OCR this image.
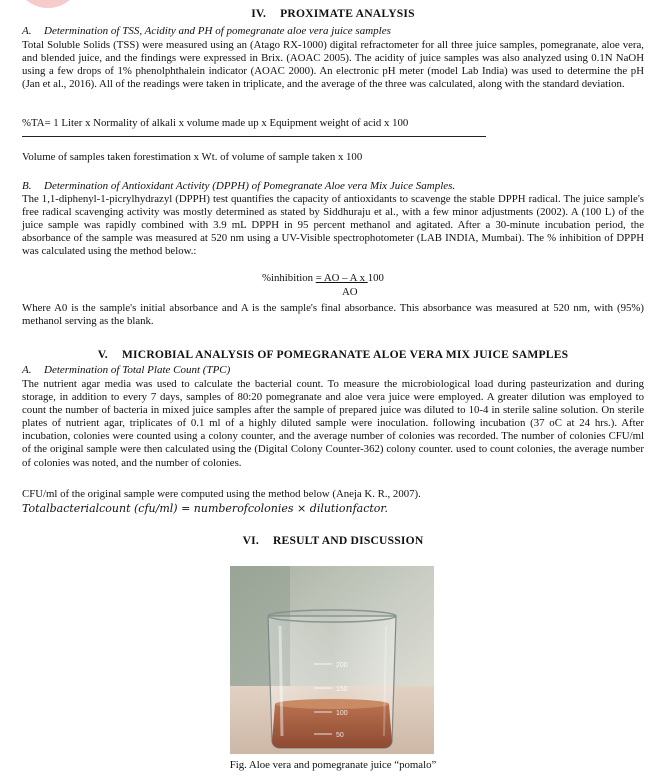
IV. PROXIMATE ANALYSIS
A. Determination of TSS, Acidity and PH of pomegranate aloe vera juice samples

Total Soluble Solids (TSS) were measured using an (Atago RX-1000) digital refractometer for all three juice samples, pomegranate, aloe vera, and blended juice, and the findings were expressed in Brix. (AOAC 2005). The acidity of juice samples was also analyzed using 0.1N NaOH using a few drops of 1% phenolphthalein indicator (AOAC 2000). An electronic pH meter (model Lab India) was used to determine the pH (Jan et al., 2016). All of the readings were taken in triplicate, and the average of the three was calculated, along with the standard deviation.

%TA= 1 Liter x Normality of alkali x volume made up x Equipment weight of acid x 100
Volume of samples taken forestimation x Wt. of volume of sample taken x 100
B. Determination of Antioxidant Activity (DPPH) of Pomegranate Aloe vera Mix Juice Samples.

The 1,1-diphenyl-1-picrylhydrazyl (DPPH) test quantifies the capacity of antioxidants to scavenge the stable DPPH radical. The juice sample's free radical scavenging activity was mostly determined as stated by Siddhuraju et al., with a few minor adjustments (2002). A (100 L) of the juice sample was rapidly combined with 3.9 mL DPPH in 95 percent methanol and agitated. After a 30-minute incubation period, the absorbance of the sample was measured at 520 nm using a UV-Visible spectrophotometer (LAB INDIA, Mumbai). The % inhibition of DPPH was calculated using the method below.:

%inhibition = AO – A x 100
AO

Where A0 is the sample's initial absorbance and A is the sample's final absorbance. This absorbance was measured at 520 nm, with (95%) methanol serving as the blank.

V. MICROBIAL ANALYSIS OF POMEGRANATE ALOE VERA MIX JUICE SAMPLES
A. Determination of Total Plate Count (TPC)

The nutrient agar media was used to calculate the bacterial count. To measure the microbiological load during pasteurization and during storage, in addition to every 7 days, samples of 80:20 pomegranate and aloe vera juice were employed. A greater dilution was employed to count the number of bacteria in mixed juice samples after the sample of prepared juice was diluted to 10-4 in sterile saline solution. On sterile plates of nutrient agar, triplicates of 0.1 ml of a highly diluted sample were inoculation. following incubation (37 oC at 24 hrs.). After incubation, colonies were counted using a colony counter, and the average number of colonies was recorded. The number of colonies CFU/ml of the original sample were then calculated using the (Digital Colony Counter-362) colony counter. used to count colonies, the average number of colonies was noted, and the number of colonies.

CFU/ml of the original sample were computed using the method below (Aneja K. R., 2007).
Totalbacterialcount (cfu/ml) = numberofcolonies × dilutionfactor.
VI. RESULT AND DISCUSSION
200
150
100
50
Fig. Aloe vera and pomegranate juice “pomalo”
